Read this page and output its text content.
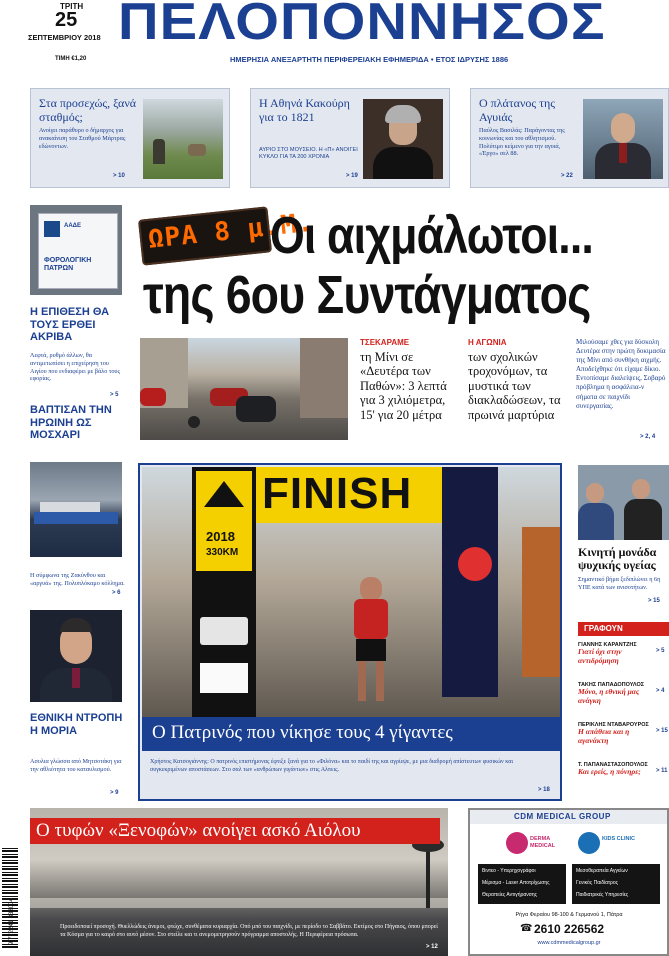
ΤΡΙΤΗ
25
ΣΕΠΤΕΜΒΡΙΟΥ 2018
ΤΙΜΗ €1,20
ΠΕΛΟΠΟΝΝΗΣΟΣ
ΗΜΕΡΗΣΙΑ ΑΝΕΞΑΡΤΗΤΗ ΠΕΡΙΦΕΡΕΙΑΚΗ ΕΦΗΜΕΡΙΔΑ • ΕΤΟΣ ΙΔΡΥΣΗΣ 1886
Στα προσεχώς, ξανά σταθμός;
Ανοίγει παράθυρο ο δήμαρχος για ανακαίνιση του Σταθμού Μάρτρας εδώνοντων.
> 10
Η Αθηνά Κακούρη για το 1821
ΑΥΡΙΟ ΣΤΟ ΜΟΥΣΕΙΟ. Η «Π» ΑΝΟΙΓΕΙ ΚΥΚΛΟ ΓΙΑ ΤΑ 200 ΧΡΟΝΙΑ
> 19
Ο πλάτανος της Αγυιάς
Παύλος Βασιλάς: Παράγοντας της κοινωνίας και του αθλητισμού. Πολύτιμο κείμενο για την αγυιά, «Έργο» σελ 88.
> 22
ΑΑΔΕ
ΦΟΡΟΛΟΓΙΚΗ ΠΑΤΡΩΝ
Η ΕΠΙΘΕΣΗ ΘΑ ΤΟΥΣ ΕΡΘΕΙ ΑΚΡΙΒΑ
Λεφτά, ρυθμό άλλων, θα αντιμετωπίσει η επιχείρηση του Αιγίου που ενδιαφέρει με βάλο τους εφορίας.
> 5
ΒΑΠΤΙΣΑΝ ΤΗΝ ΗΡΩΙΝΗ ΩΣ ΜΟΣΧΑΡΙ
Η σύμφωνα της Ζακύνθου και «αργυά» της. Πολυπλόκαμο κόλλημα.
> 6
ΕΘΝΙΚΗ ΝΤΡΟΠΗ Η ΜΟΡΙΑ
Ασυλια γλώσσα από Μητσοτάκη για την αθλιότητα του καταυλισμού.
> 9
ΩΡΑ 8 μ.Μ.
Οι αιχμάλωτοι...
της 6ου Συντάγματος
ΤΣΕΚΑΡΑΜΕ
τη Μίνι σε «Δευτέρα των Παθών»: 3 λεπτά για 3 χιλιόμετρα, 15' για 20 μέτρα
Η ΑΓΩΝΙΑ
των σχολικών τροχονόμων, τα μυστικά των διακλαδώσεων, τα πρωινά μαρτύρια
Μιλούσαμε χθες για δύσκολη Δευτέρα στην πρώτη δοκιμασία της Μίνι από συνθήκη αιχμής. Αποδείχθηκε ότι είχαμε δίκιο. Εντοπίσαμε διαλείψεις, Σοβαρό πρόβλημα η ασφάλεια-ν σήματα σε παιχνίδι συνεργασίας.
> 2, 4
FINISH
2018
330KM
Ο Πατρινός που νίκησε τους 4 γίγαντες
Χρήστος Κατσογιάννης: Ο πατρινός επιστήμονας έφτιξε ξανά για το «Φιλόνα» και το παιδί της και αγρίεψε, με μια διαδρομή απίστευτων φυσικών και συγκεκριμένων αποστάσεων. Στο σαλ των «ανθρώπων γιγάντων» στις Αλπεις.
> 18
Κινητή μονάδα ψυχικής υγείας
Σημαντικό βήμα ξεδιπλώνει η 6η ΥΠΕ κατά των ανισοτήτων.
> 15
ΓΡΑΦΟΥΝ
ΓΙΑΝΝΗΣ ΚΑΡΑΝΤΖΗΣ
Γιατί όχι στην αντιδρόμηση
> 5
ΤΑΚΗΣ ΠΑΠΑΔΟΠΟΥΛΟΣ
Μόνο, η εθνική μας ανάγκη
> 4
ΠΕΡΙΚΛΗΣ ΝΤΑΒΑΡΟΥΡΟΣ
Η απάθεια και η αγανάκτη
> 15
Τ. ΠΑΠΑΝΑΣΤΑΣΟΠΟΥΛΟΣ
Και ερείς, η πόνηρε;	> 11
Ο τυφών «Ξενοφών» ανοίγει ασκό Αιόλου
Προειδοποιεί προσοχή. Θυελλώδεις άνεμοι, φτώχε, συνθέματα κυριαρχία. Οπό μπό του παιχνίδι, με περίοδο το Σαββάτο. Εκτίμος στο Πήγαιος, όπου μπορεί τα Κόσμα για το καιρό στο αυτό μέσον. Στο στείλε και τι ανεμομετρησούν πρόγραμμα αποστολής. Η Περιφέρεια πρόσωπα.
> 12
9 772241 838004
CDM MEDICAL GROUP
DERMA MEDICAL
KIDS CLINIC
Βιντεο - Υπερηχογράφοι
Μέρισμα - Laser Αποτρίχωσης
Θεραπείες Αντιγήρανσης
Μεσοθεραπεία Αγγείων
Γενικός Παιδίατρος
Παιδιατρικές Υπηρεσίες
Ρήγα Φεραίου 98-100 & Γερμανού 1, Πάτρα
☎ 2610 226562
www.cdmmedicalgroup.gr
